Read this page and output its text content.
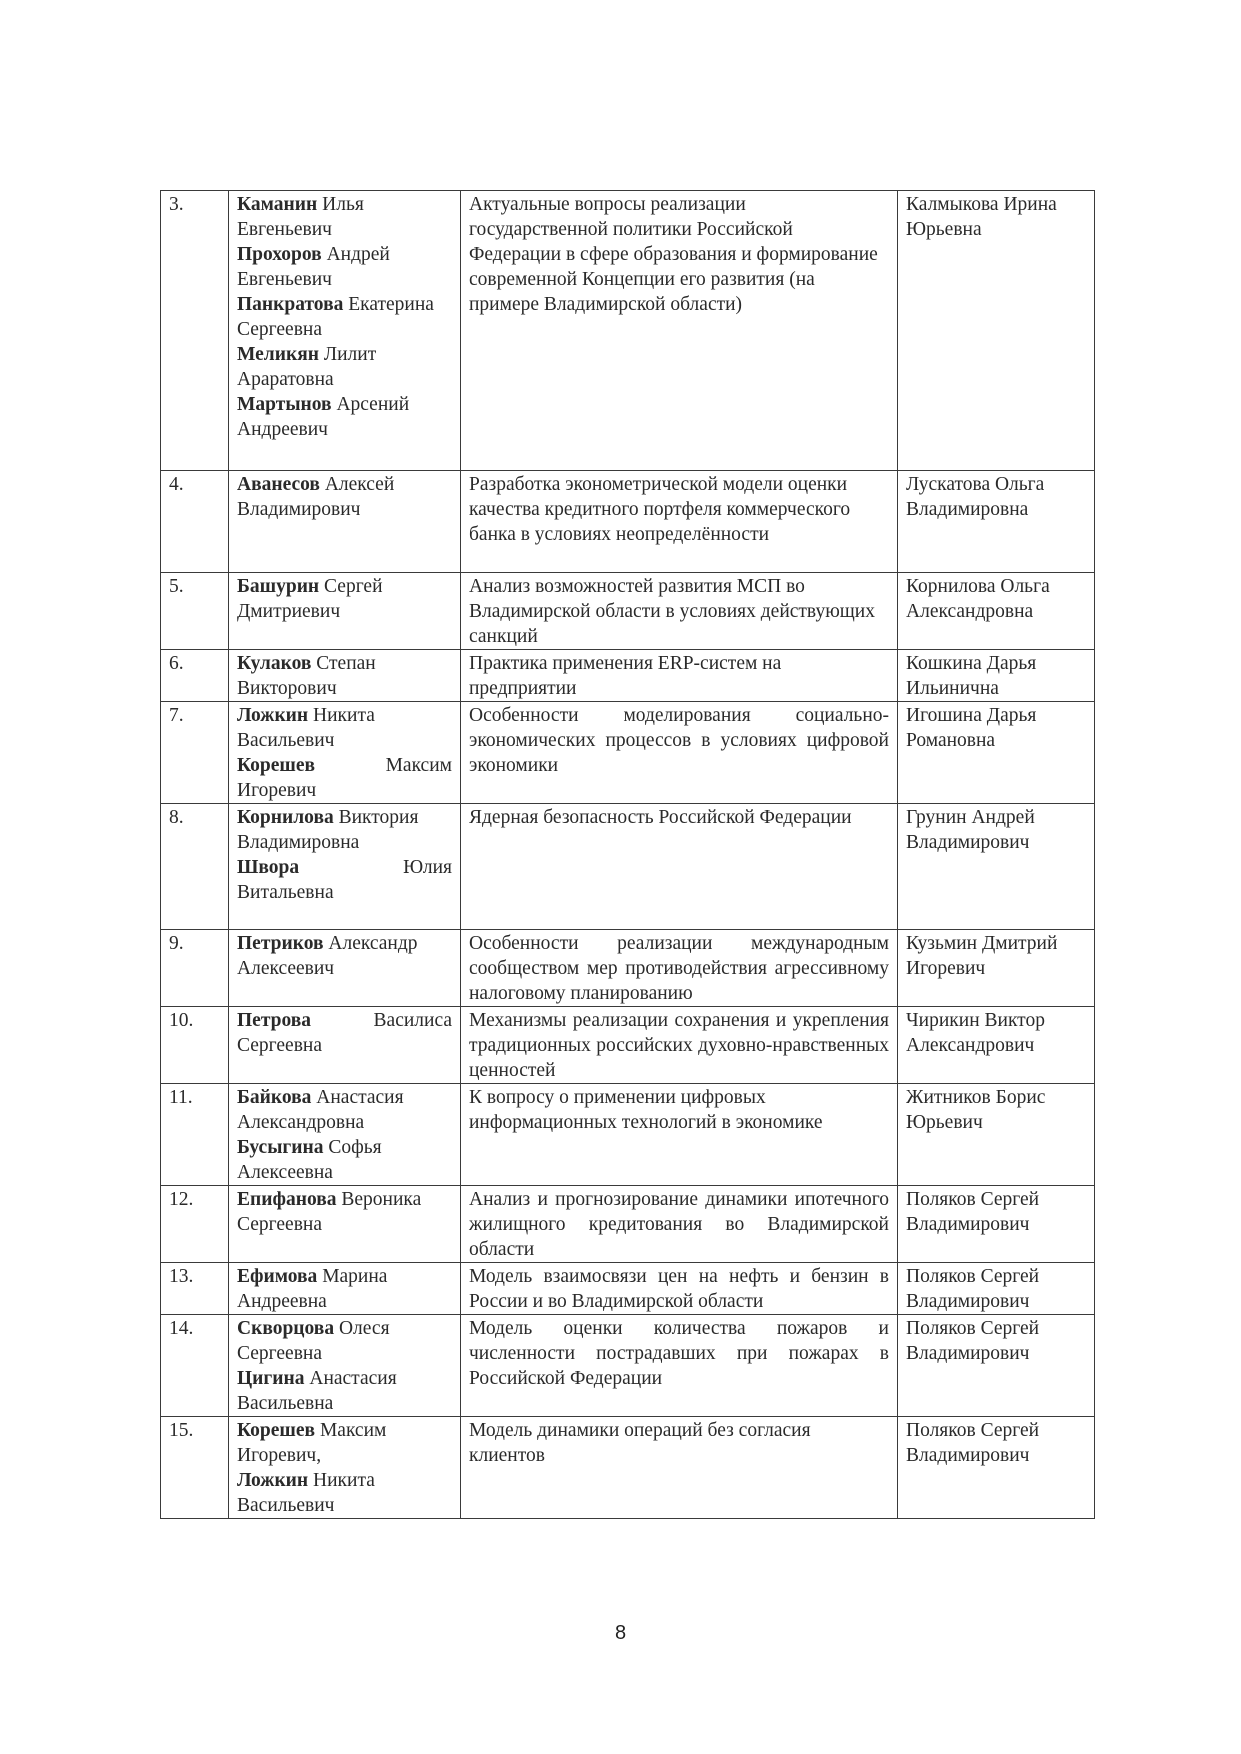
3.	Каманин Илья Евгеньевич
Прохоров Андрей Евгеньевич
Панкратова Екатерина Сергеевна
Меликян Лилит Араратовна
Мартынов Арсений Андреевич	Актуальные вопросы реализации государственной политики Российской Федерации в сфере образования и формирование современной Концепции его развития (на примере Владимирской области)	Калмыкова Ирина Юрьевна
4.	Аванесов Алексей Владимирович	Разработка эконометрической модели оценки качества кредитного портфеля коммерческого банка в условиях неопределённости	Лускатова Ольга Владимировна
5.	Башурин Сергей Дмитриевич	Анализ возможностей развития МСП во Владимирской области в условиях действующих санкций	Корнилова Ольга Александровна
6.	Кулаков Степан Викторович	Практика применения ERP-систем на предприятии	Кошкина Дарья Ильинична
7.	Ложкин Никита Васильевич
Корешев Максим Игоревич	Особенности моделирования социально-экономических процессов в условиях цифровой экономики	Игошина Дарья Романовна
8.	Корнилова Виктория Владимировна
Швора Юлия Витальевна	Ядерная безопасность Российской Федерации	Грунин Андрей Владимирович
9.	Петриков Александр Алексеевич	Особенности реализации международным сообществом мер противодействия агрессивному налоговому планированию	Кузьмин Дмитрий Игоревич
10.	Петрова Василиса Сергеевна	Механизмы реализации сохранения и укрепления традиционных российских духовно-нравственных ценностей	Чирикин Виктор Александрович
11.	Байкова Анастасия Александровна
Бусыгина Софья Алексеевна	К вопросу о применении цифровых информационных технологий в экономике	Житников Борис Юрьевич
12.	Епифанова Вероника Сергеевна	Анализ и прогнозирование динамики ипотечного жилищного кредитования во Владимирской области	Поляков Сергей Владимирович
13.	Ефимова Марина Андреевна	Модель взаимосвязи цен на нефть и бензин в России и во Владимирской области	Поляков Сергей Владимирович
14.	Скворцова Олеся Сергеевна
Цигина Анастасия Васильевна	Модель оценки количества пожаров и численности пострадавших при пожарах в Российской Федерации	Поляков Сергей Владимирович
15.	Корешев Максим Игоревич,
Ложкин Никита Васильевич	Модель динамики операций без согласия клиентов	Поляков Сергей Владимирович
8
